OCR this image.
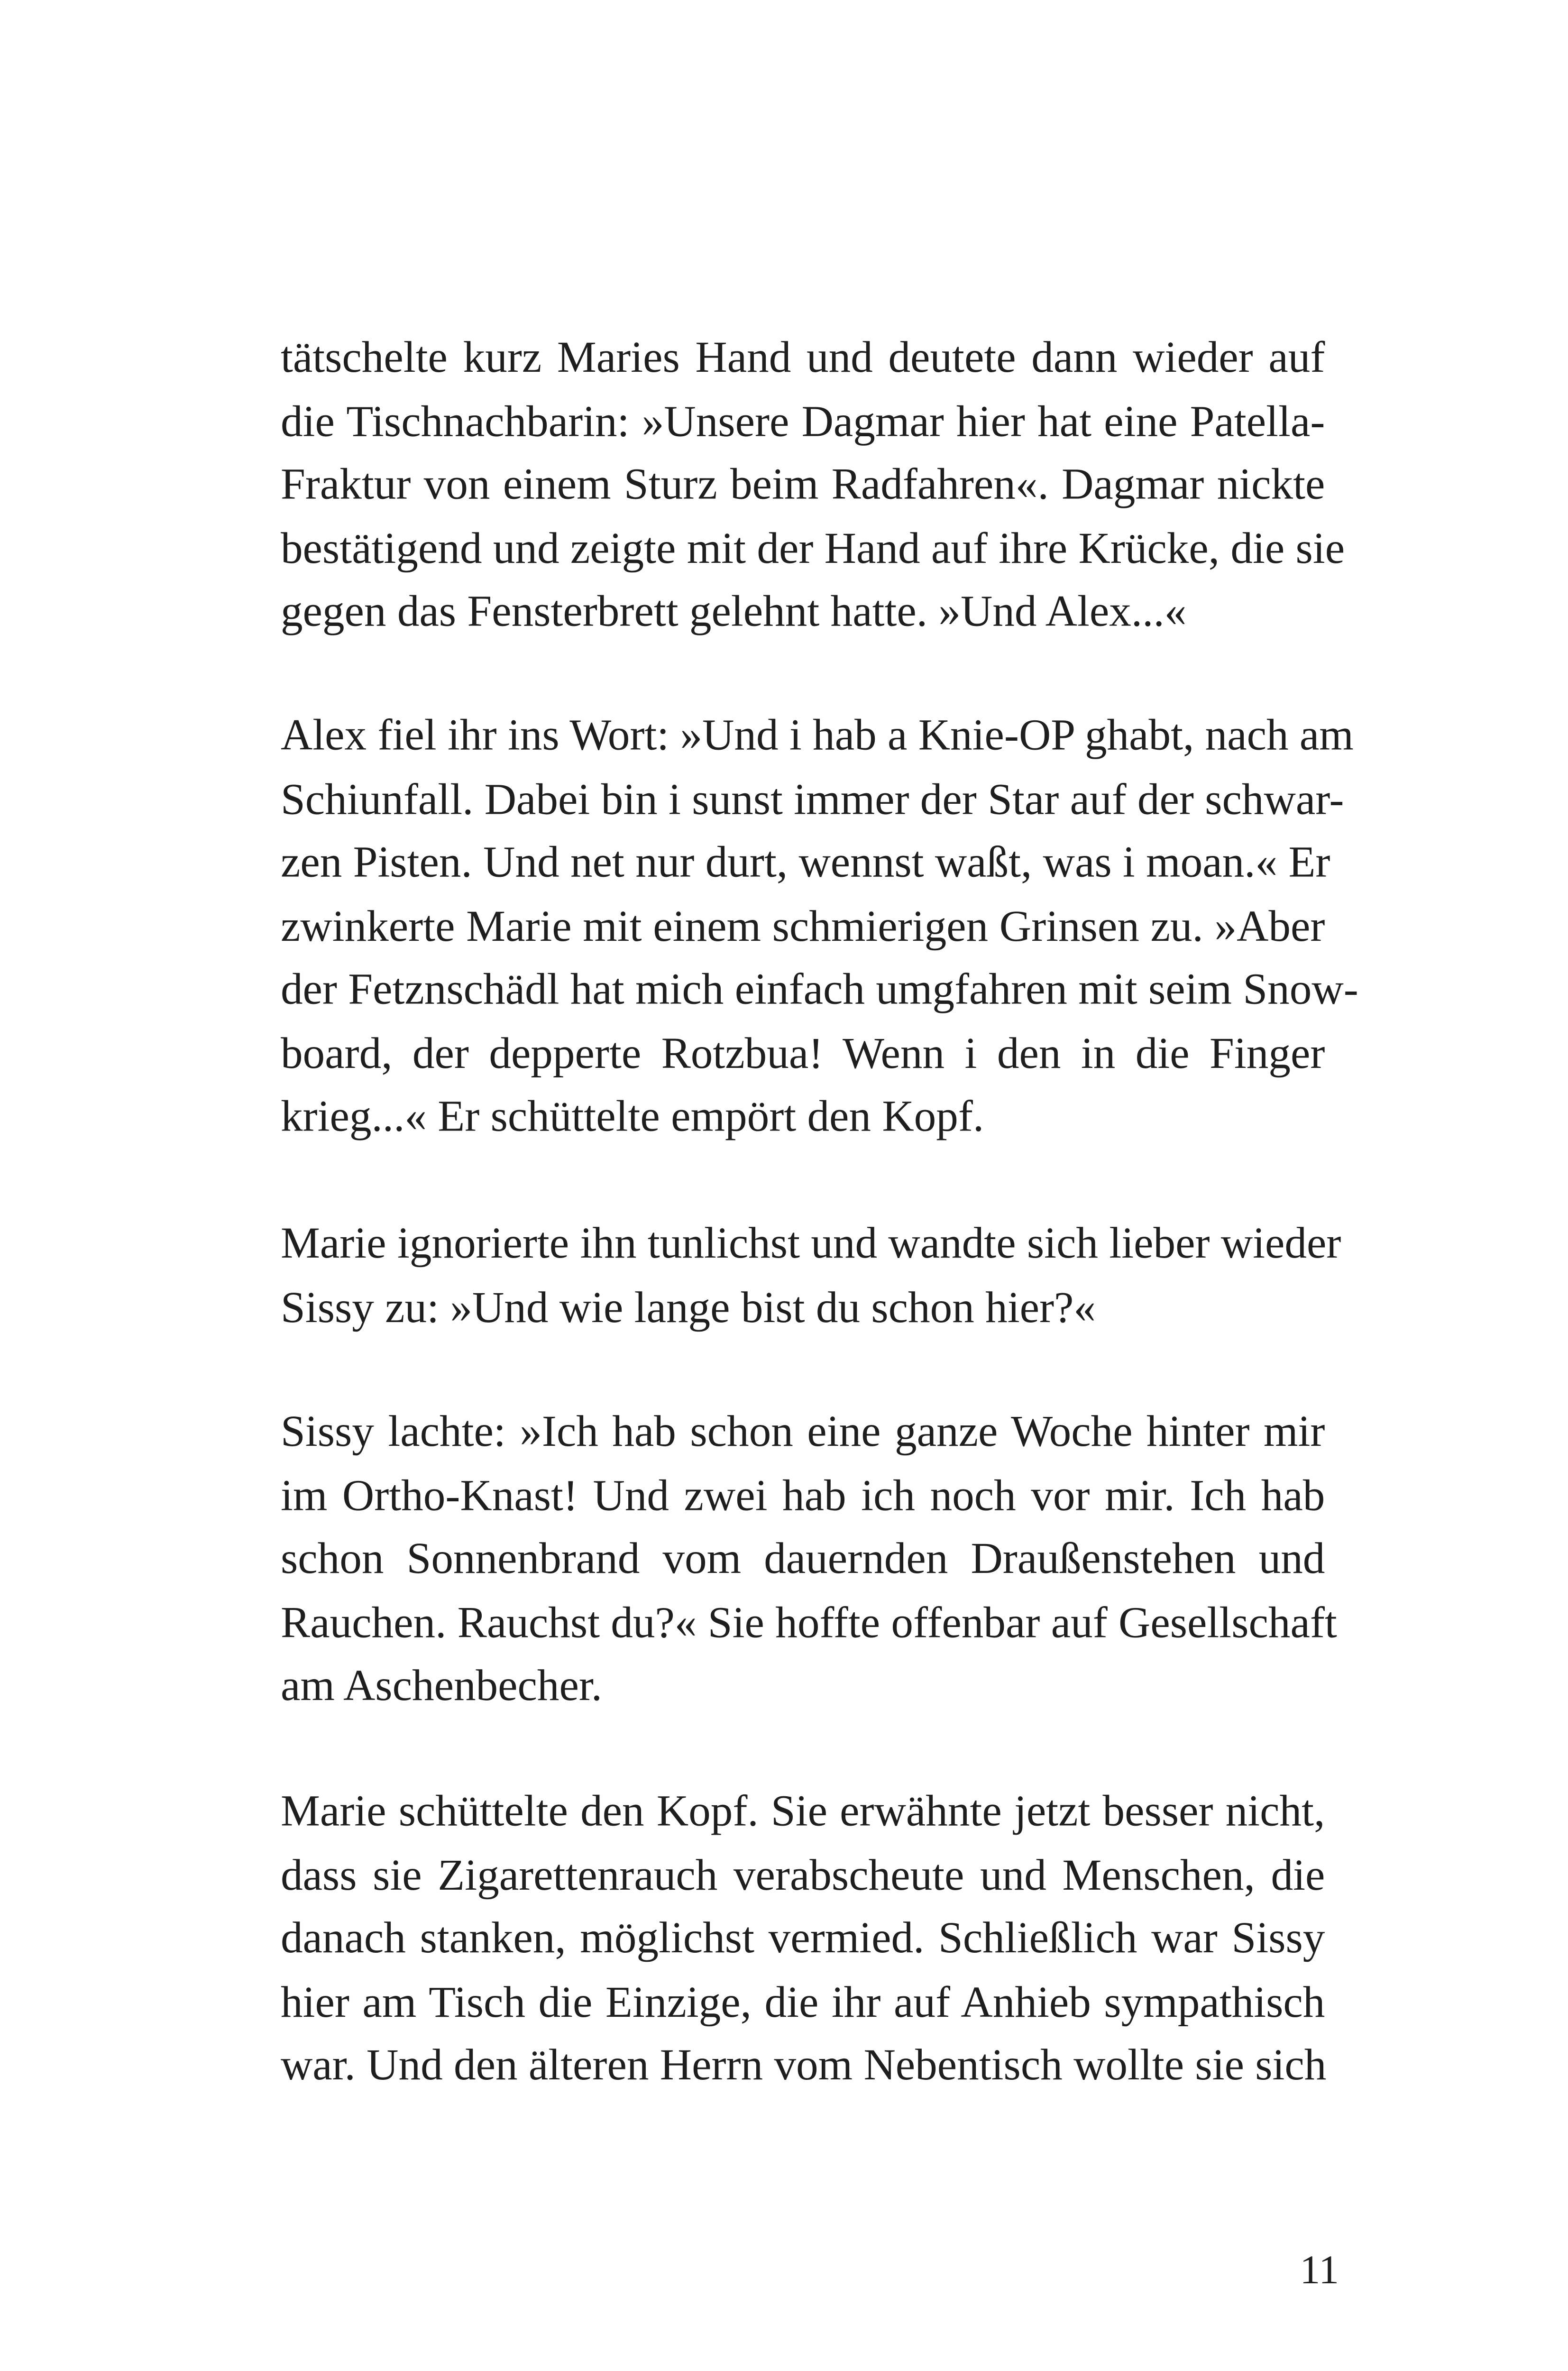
tätschelte kurz Maries Hand und deutete dann wieder auf
die Tischnachbarin: »Unsere Dagmar hier hat eine Patella-
Fraktur von einem Sturz beim Radfahren«. Dagmar nickte
bestätigend und zeigte mit der Hand auf ihre Krücke, die sie
gegen das Fensterbrett gelehnt hatte. »Und Alex...«
Alex fiel ihr ins Wort: »Und i hab a Knie-OP ghabt, nach am
Schiunfall. Dabei bin i sunst immer der Star auf der schwar-
zen Pisten. Und net nur durt, wennst waßt, was i moan.« Er
zwinkerte Marie mit einem schmierigen Grinsen zu. »Aber
der Fetznschädl hat mich einfach umgfahren mit seim Snow-
board, der depperte Rotzbua! Wenn i den in die Finger
krieg...« Er schüttelte empört den Kopf.
Marie ignorierte ihn tunlichst und wandte sich lieber wieder
Sissy zu: »Und wie lange bist du schon hier?«
Sissy lachte: »Ich hab schon eine ganze Woche hinter mir
im Ortho-Knast! Und zwei hab ich noch vor mir. Ich hab
schon Sonnenbrand vom dauernden Draußenstehen und
Rauchen. Rauchst du?« Sie hoffte offenbar auf Gesellschaft
am Aschenbecher.
Marie schüttelte den Kopf. Sie erwähnte jetzt besser nicht,
dass sie Zigarettenrauch verabscheute und Menschen, die
danach stanken, möglichst vermied. Schließlich war Sissy
hier am Tisch die Einzige, die ihr auf Anhieb sympathisch
war. Und den älteren Herrn vom Nebentisch wollte sie sich
11
